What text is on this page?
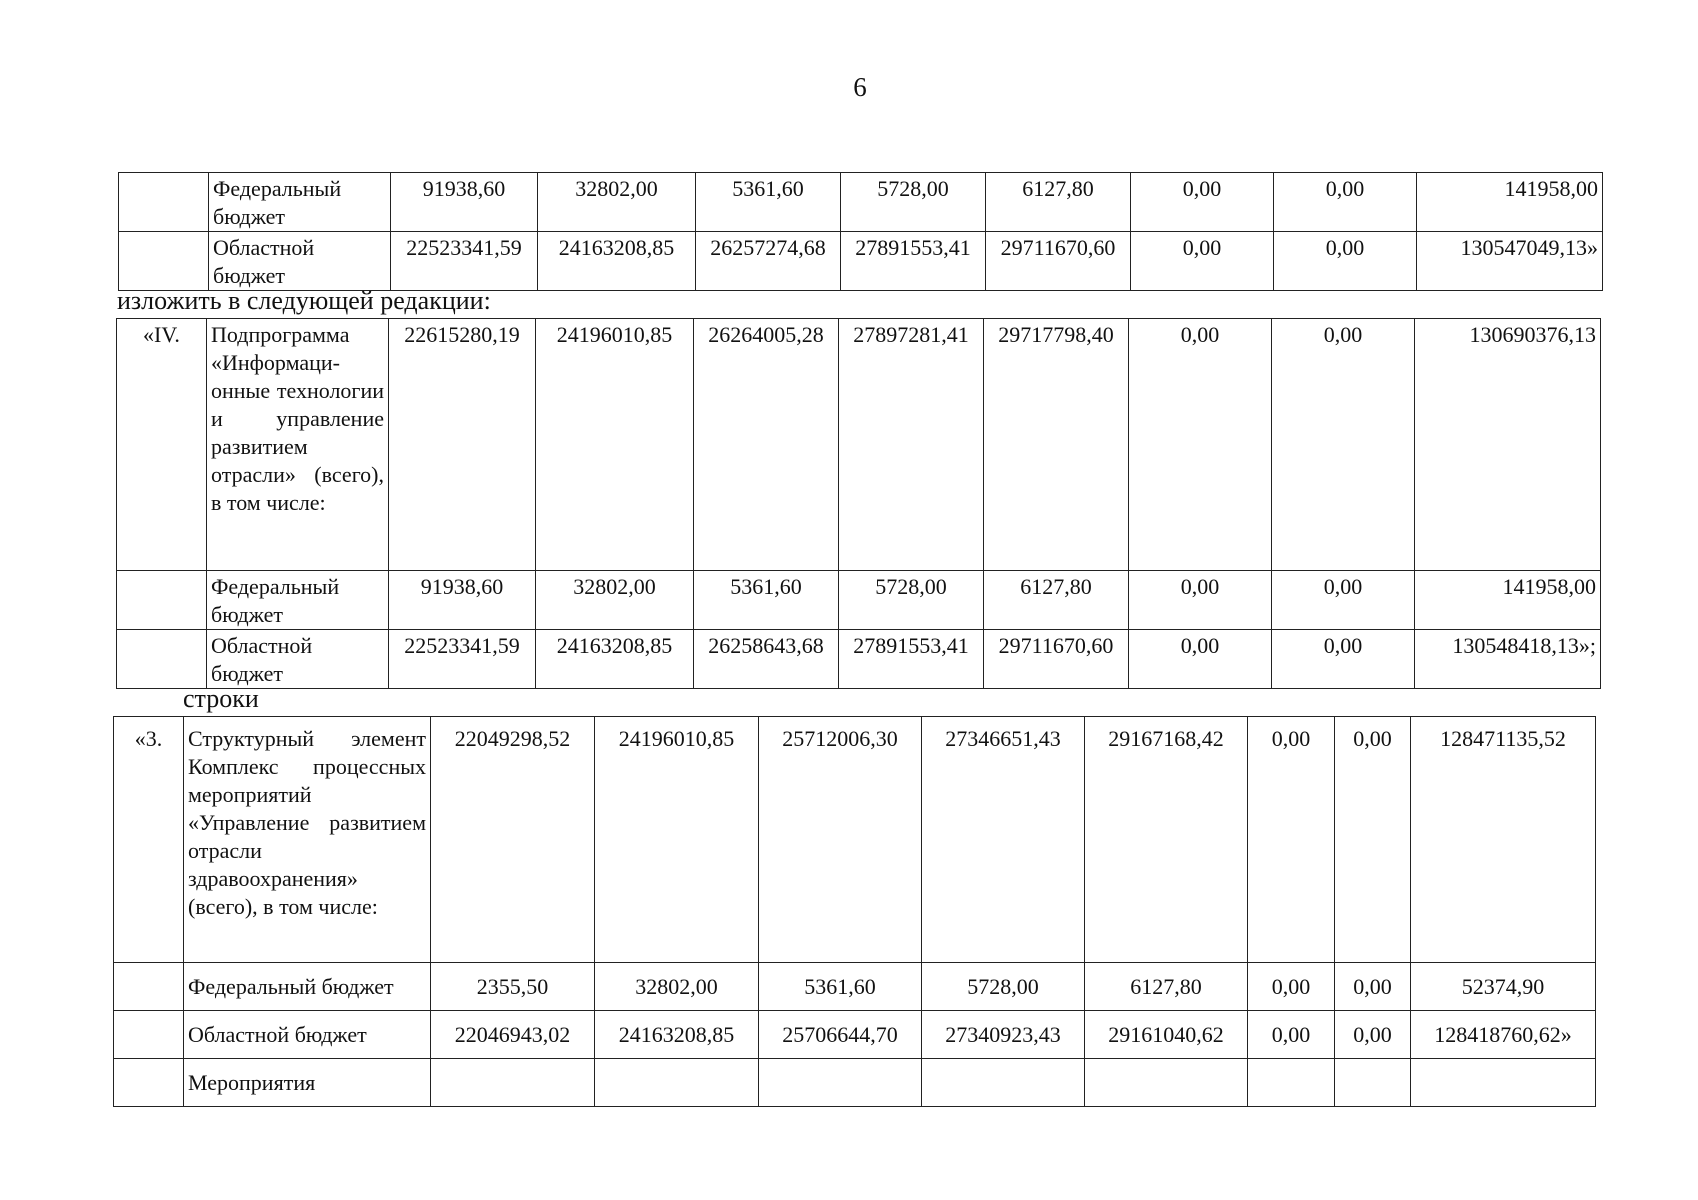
6
	Федеральный бюджет	91938,60	32802,00	5361,60	5728,00	6127,80	0,00	0,00	141958,00
	Областной бюджет	22523341,59	24163208,85	26257274,68	27891553,41	29711670,60	0,00	0,00	130547049,13»
изложить в следующей редакции:
«IV.	Подпрограмма «Информаци-онные технологии и управление развитием отрасли» (всего), в том числе:	22615280,19	24196010,85	26264005,28	27897281,41	29717798,40	0,00	0,00	130690376,13
	Федеральный бюджет	91938,60	32802,00	5361,60	5728,00	6127,80	0,00	0,00	141958,00
	Областной бюджет	22523341,59	24163208,85	26258643,68	27891553,41	29711670,60	0,00	0,00	130548418,13»;
строки
«3.	Структурный элемент Комплекс процессных мероприятий «Управление развитием отрасли здравоохранения» (всего), в том числе:	22049298,52	24196010,85	25712006,30	27346651,43	29167168,42	0,00	0,00	128471135,52
	Федеральный бюджет	2355,50	32802,00	5361,60	5728,00	6127,80	0,00	0,00	52374,90
	Областной бюджет	22046943,02	24163208,85	25706644,70	27340923,43	29161040,62	0,00	0,00	128418760,62»
	Мероприятия								
